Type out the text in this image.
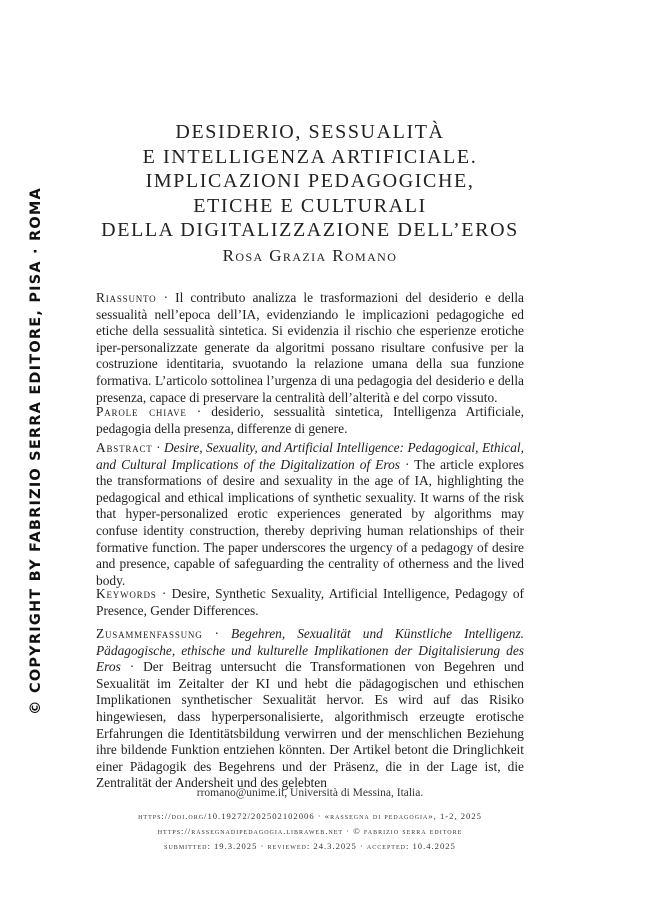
© COPYRIGHT BY FABRIZIO SERRA EDITORE, PISA · ROMA
DESIDERIO, SESSUALITÀ
E INTELLIGENZA ARTIFICIALE.
IMPLICAZIONI PEDAGOGICHE,
ETICHE E CULTURALI
DELLA DIGITALIZZAZIONE DELL’EROS
Rosa Grazia Romano

Riassunto · Il contributo analizza le trasformazioni del desiderio e della sessualità nell’epoca dell’IA, evidenziando le implicazioni pedagogiche ed etiche della sessualità sintetica. Si evidenzia il rischio che esperienze erotiche iper-personalizzate generate da algoritmi possano risultare confusive per la costruzione identitaria, svuotando la relazione umana della sua funzione formativa. L’articolo sottolinea l’urgenza di una pedagogia del desiderio e della presenza, capace di preservare la centralità dell’alterità e del corpo vissuto.

Parole chiave · desiderio, sessualità sintetica, Intelligenza Artificiale, pedagogia della presenza, differenze di genere.

Abstract · Desire, Sexuality, and Artificial Intelligence: Pedagogical, Ethical, and Cultural Implications of the Digitalization of Eros · The article explores the transformations of desire and sexuality in the age of IA, highlighting the pedagogical and ethical implications of synthetic sexuality. It warns of the risk that hyper-personalized erotic experiences generated by algorithms may confuse identity construction, thereby depriving human relationships of their formative function. The paper underscores the urgency of a pedagogy of desire and presence, capable of safeguarding the centrality of otherness and the lived body.

Keywords · Desire, Synthetic Sexuality, Artificial Intelligence, Pedagogy of Presence, Gender Differences.

Zusammenfassung · Begehren, Sexualität und Künstliche Intelligenz. Pädagogische, ethische und kulturelle Implikationen der Digitalisierung des Eros · Der Beitrag untersucht die Transformationen von Begehren und Sexualität im Zeitalter der KI und hebt die pädagogischen und ethischen Implikationen synthetischer Sexualität hervor. Es wird auf das Risiko hingewiesen, dass hyperpersonalisierte, algorithmisch erzeugte erotische Erfahrungen die Identitätsbildung verwirren und der menschlichen Beziehung ihre bildende Funktion entziehen könnten. Der Artikel betont die Dringlichkeit einer Pädagogik des Begehrens und der Präsenz, die in der Lage ist, die Zentralität der Andersheit und des gelebten

rromano@unime.it, Università di Messina, Italia.
https://doi.org/10.19272/202502102006 · «rassegna di pedagogia», 1-2, 2025
https://rassegnadipedagogia.libraweb.net · © fabrizio serra editore
submitted: 19.3.2025 · reviewed: 24.3.2025 · accepted: 10.4.2025
